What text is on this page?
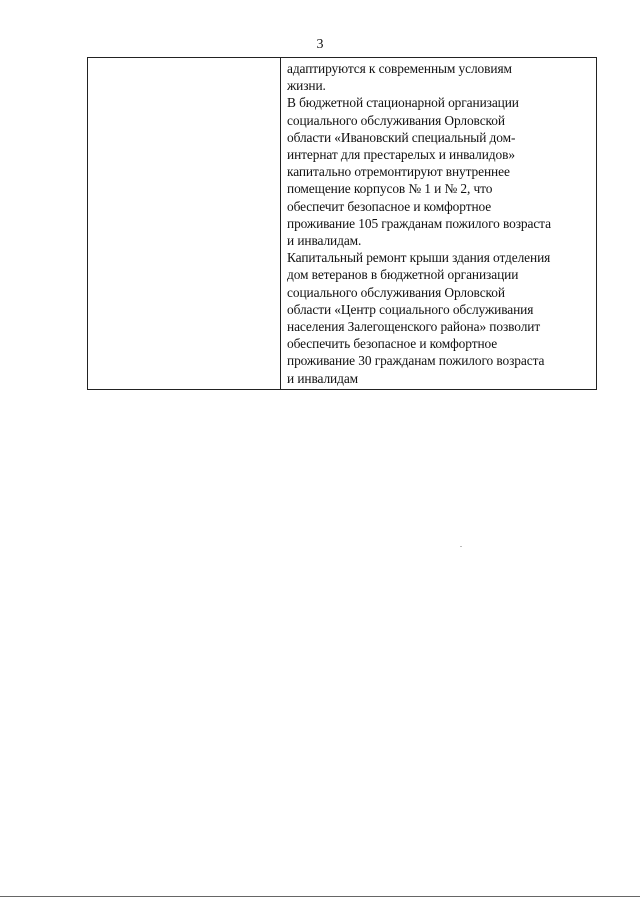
3

адаптируются к современным условиям
жизни.

В бюджетной стационарной организации
социального обслуживания Орловской
области «Ивановский специальный дом-
интернат для престарелых и инвалидов»
капитально отремонтируют внутреннее
помещение корпусов № 1 и № 2, что
обеспечит безопасное и комфортное
проживание 105 гражданам пожилого возраста
и инвалидам.

Капитальный ремонт крыши здания отделения
дом ветеранов в бюджетной организации
социального обслуживания Орловской
области «Центр социального обслуживания
населения Залегощенского района» позволит
обеспечить безопасное и комфортное
проживание 30 гражданам пожилого возраста
и инвалидам
